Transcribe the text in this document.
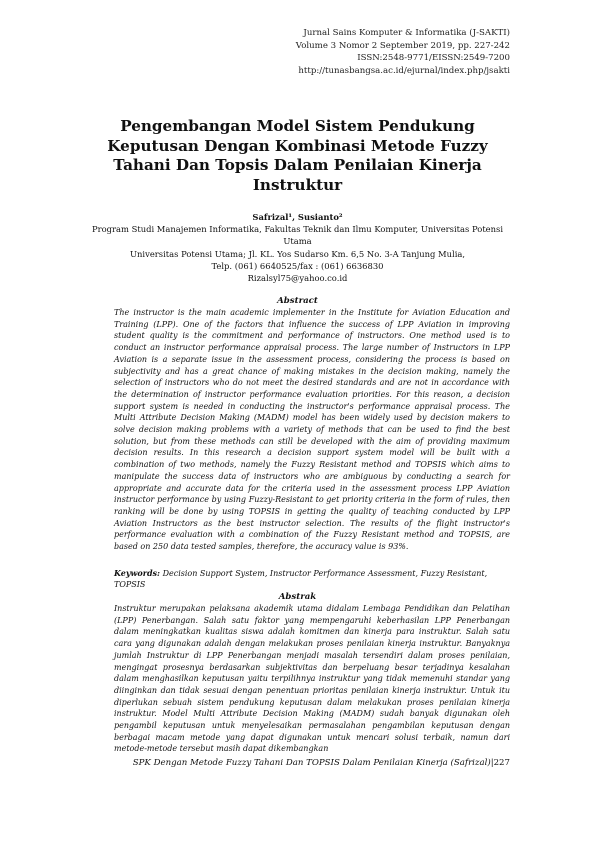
Jurnal Sains Komputer & Informatika (J-SAKTI)
Volume 3 Nomor 2 September 2019, pp. 227-242
ISSN:2548-9771/EISSN:2549-7200
http://tunasbangsa.ac.id/ejurnal/index.php/jsakti
Pengembangan Model Sistem Pendukung Keputusan Dengan Kombinasi Metode Fuzzy Tahani Dan Topsis Dalam Penilaian Kinerja Instruktur
Safrizal¹, Susianto²
Program Studi Manajemen Informatika, Fakultas Teknik dan Ilmu Komputer, Universitas Potensi Utama
Universitas Potensi Utama; Jl. KL. Yos Sudarso Km. 6,5 No. 3-A Tanjung Mulia,
Telp. (061) 6640525/fax : (061) 6636830
Rizalsyl75@yahoo.co.id
Abstract
The instructor is the main academic implementer in the Institute for Aviation Education and Training (LPP). One of the factors that influence the success of LPP Aviation in improving student quality is the commitment and performance of instructors. One method used is to conduct an instructor performance appraisal process. The large number of Instructors in LPP Aviation is a separate issue in the assessment process, considering the process is based on subjectivity and has a great chance of making mistakes in the decision making, namely the selection of instructors who do not meet the desired standards and are not in accordance with the determination of instructor performance evaluation priorities. For this reason, a decision support system is needed in conducting the instructor's performance appraisal process. The Multi Attribute Decision Making (MADM) model has been widely used by decision makers to solve decision making problems with a variety of methods that can be used to find the best solution, but from these methods can still be developed with the aim of providing maximum decision results. In this research a decision support system model will be built with a combination of two methods, namely the Fuzzy Resistant method and TOPSIS which aims to manipulate the success data of instructors who are ambiguous by conducting a search for appropriate and accurate data for the criteria used in the assessment process LPP Aviation instructor performance by using Fuzzy-Resistant to get priority criteria in the form of rules, then ranking will be done by using TOPSIS in getting the quality of teaching conducted by LPP Aviation Instructors as the best instructor selection. The results of the flight instructor's performance evaluation with a combination of the Fuzzy Resistant method and TOPSIS, are based on 250 data tested samples, therefore, the accuracy value is 93%.
Keywords: Decision Support System, Instructor Performance Assessment, Fuzzy Resistant, TOPSIS
Abstrak
Instruktur merupakan pelaksana akademik utama didalam Lembaga Pendidikan dan Pelatihan (LPP) Penerbangan. Salah satu faktor yang mempengaruhi keberhasilan LPP Penerbangan dalam meningkatkan kualitas siswa adalah komitmen dan kinerja para instruktur. Salah satu cara yang digunakan adalah dengan melakukan proses penilaian kinerja instruktur. Banyaknya jumlah Instruktur di LPP Penerbangan menjadi masalah tersendiri dalam proses penilaian, mengingat prosesnya berdasarkan subjektivitas dan berpeluang besar terjadinya kesalahan dalam menghasilkan keputusan yaitu terpilihnya instruktur yang tidak memenuhi standar yang diinginkan dan tidak sesuai dengan penentuan prioritas penilaian kinerja instruktur. Untuk itu diperlukan sebuah sistem pendukung keputusan dalam melakukan proses penilaian kinerja instruktur. Model Multi Attribute Decision Making (MADM) sudah banyak digunakan oleh pengambil keputusan untuk menyelesaikan permasalahan pengambilan keputusan dengan berbagai macam metode yang dapat digunakan untuk mencari solusi terbaik, namun dari metode-metode tersebut masih dapat dikembangkan
SPK Dengan Metode Fuzzy Tahani Dan TOPSIS Dalam Penilaian Kinerja (Safrizal)|227
